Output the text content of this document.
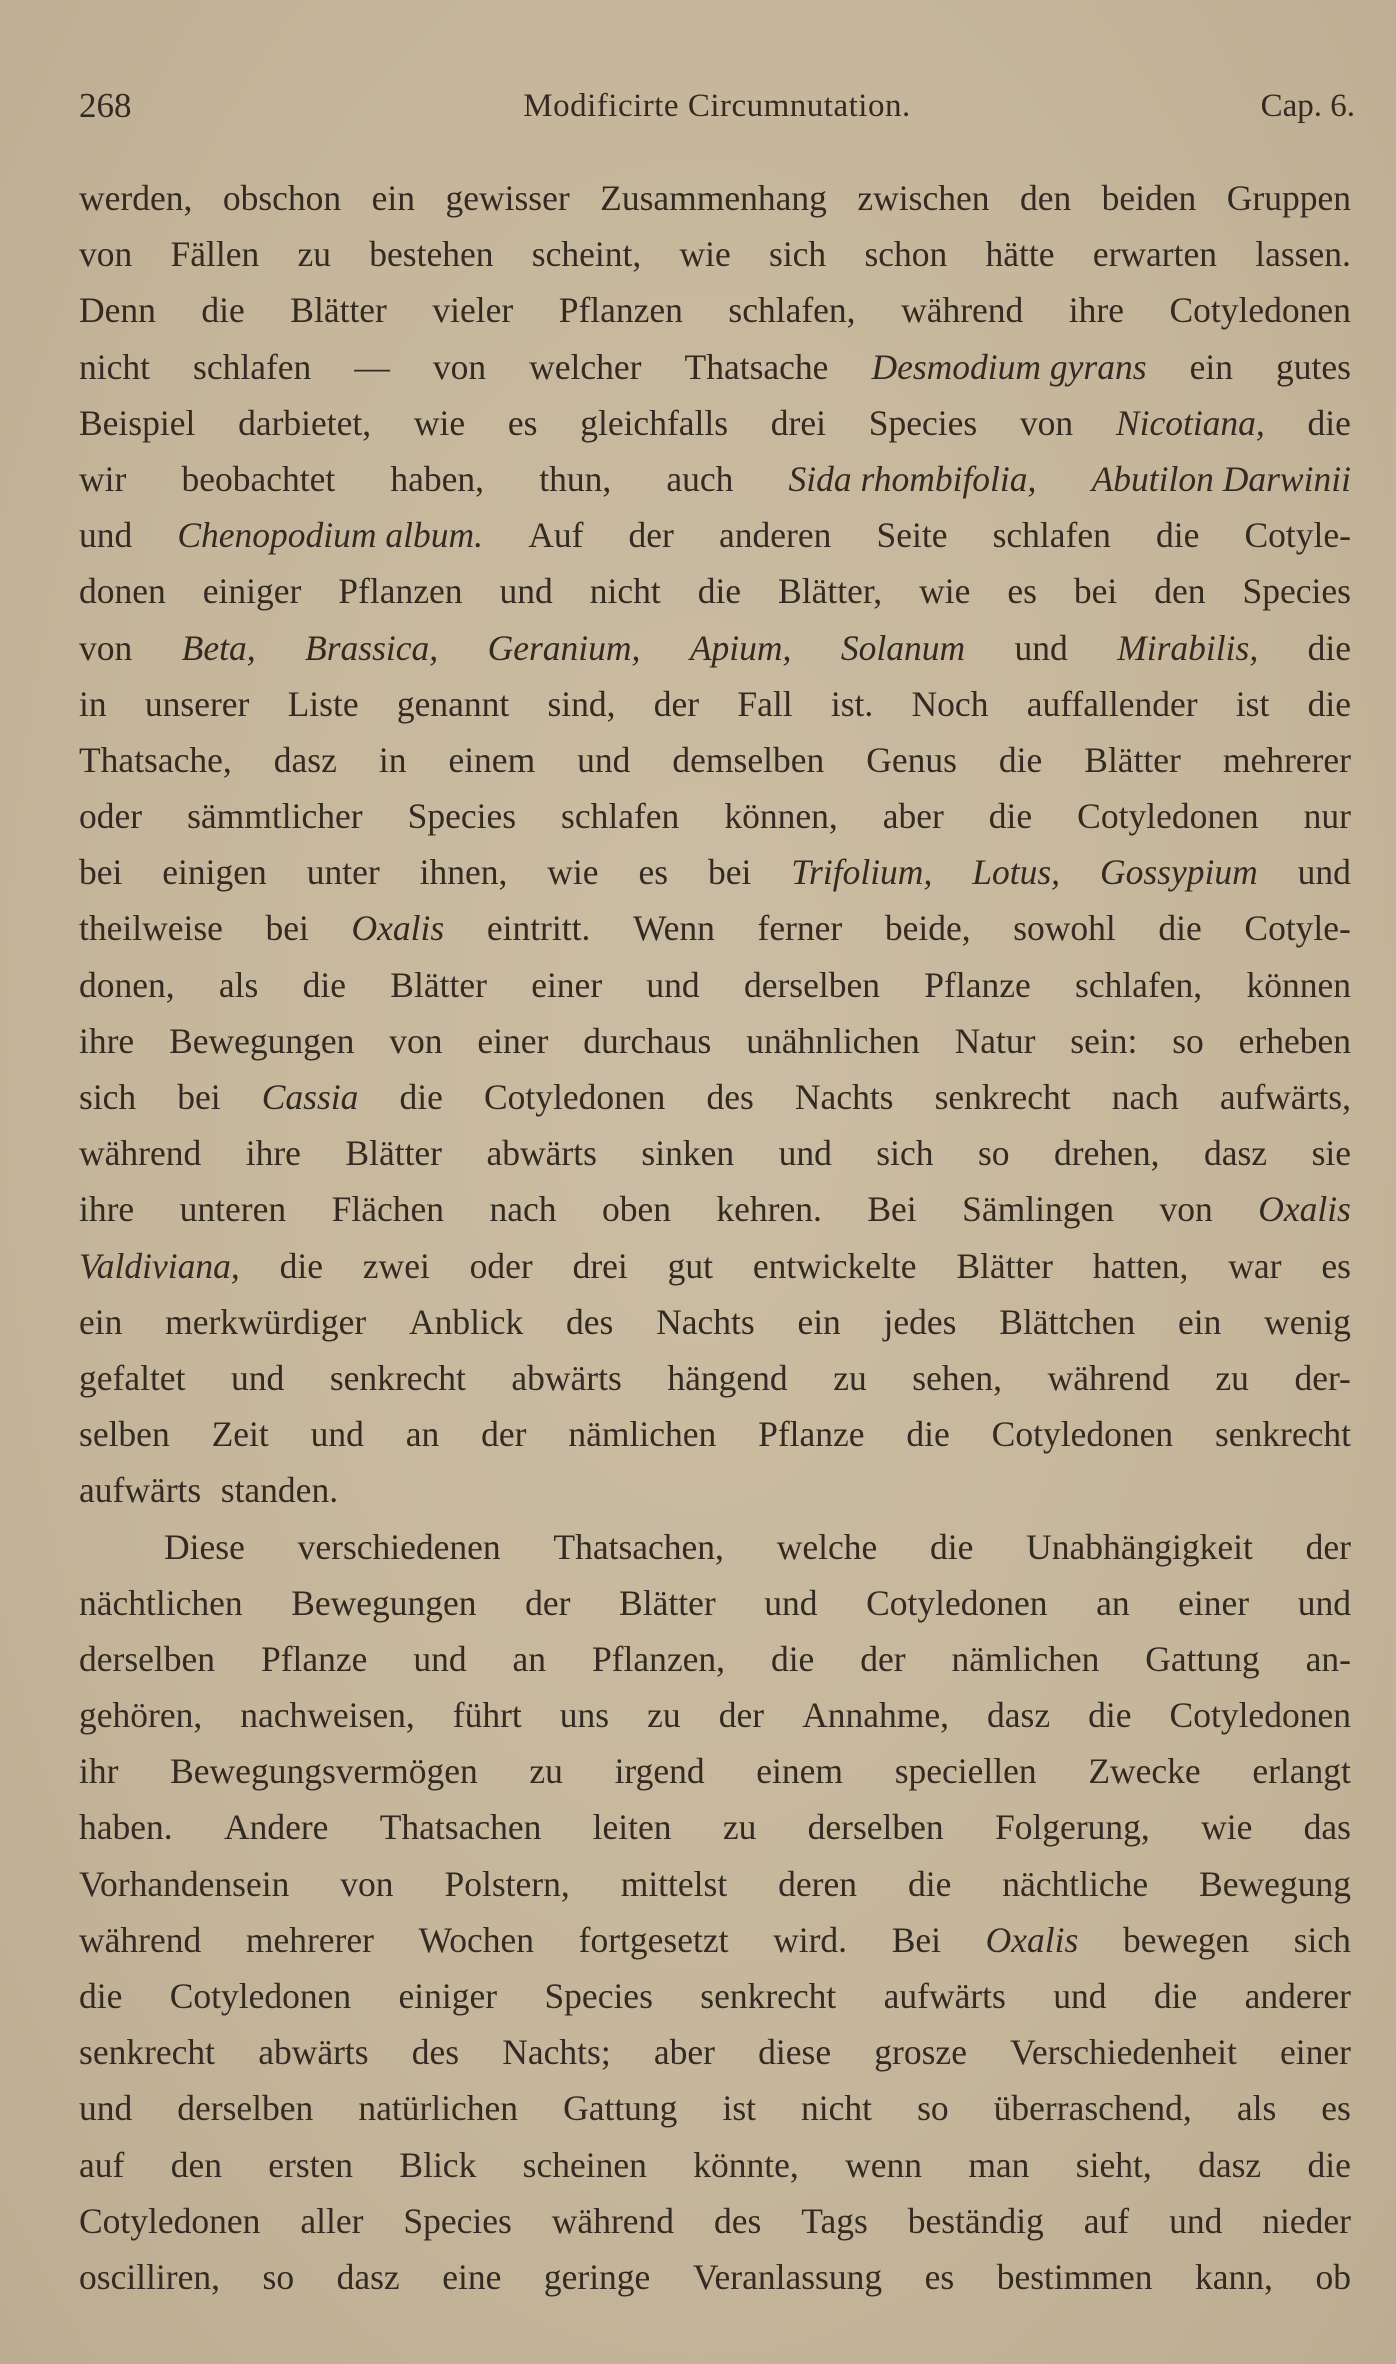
268	Modificirte Circumnutation.	Cap. 6.
werden, obschon ein gewisser Zusammenhang zwischen den beiden Gruppen
von Fällen zu bestehen scheint, wie sich schon hätte erwarten lassen.
Denn die Blätter vieler Pflanzen schlafen, während ihre Cotyledonen
nicht schlafen — von welcher Thatsache Desmodium gyrans ein gutes
Beispiel darbietet, wie es gleichfalls drei Species von Nicotiana, die
wir beobachtet haben, thun, auch Sida rhombifolia, Abutilon Darwinii
und Chenopodium album. Auf der anderen Seite schlafen die Cotyle-
donen einiger Pflanzen und nicht die Blätter, wie es bei den Species
von Beta, Brassica, Geranium, Apium, Solanum und Mirabilis, die
in unserer Liste genannt sind, der Fall ist. Noch auffallender ist die
Thatsache, dasz in einem und demselben Genus die Blätter mehrerer
oder sämmtlicher Species schlafen können, aber die Cotyledonen nur
bei einigen unter ihnen, wie es bei Trifolium, Lotus, Gossypium und
theilweise bei Oxalis eintritt. Wenn ferner beide, sowohl die Cotyle-
donen, als die Blätter einer und derselben Pflanze schlafen, können
ihre Bewegungen von einer durchaus unähnlichen Natur sein: so erheben
sich bei Cassia die Cotyledonen des Nachts senkrecht nach aufwärts,
während ihre Blätter abwärts sinken und sich so drehen, dasz sie
ihre unteren Flächen nach oben kehren. Bei Sämlingen von Oxalis
Valdiviana, die zwei oder drei gut entwickelte Blätter hatten, war es
ein merkwürdiger Anblick des Nachts ein jedes Blättchen ein wenig
gefaltet und senkrecht abwärts hängend zu sehen, während zu der-
selben Zeit und an der nämlichen Pflanze die Cotyledonen senkrecht
aufwärts standen.
Diese verschiedenen Thatsachen, welche die Unabhängigkeit der
nächtlichen Bewegungen der Blätter und Cotyledonen an einer und
derselben Pflanze und an Pflanzen, die der nämlichen Gattung an-
gehören, nachweisen, führt uns zu der Annahme, dasz die Cotyledonen
ihr Bewegungsvermögen zu irgend einem speciellen Zwecke erlangt
haben. Andere Thatsachen leiten zu derselben Folgerung, wie das
Vorhandensein von Polstern, mittelst deren die nächtliche Bewegung
während mehrerer Wochen fortgesetzt wird. Bei Oxalis bewegen sich
die Cotyledonen einiger Species senkrecht aufwärts und die anderer
senkrecht abwärts des Nachts; aber diese grosze Verschiedenheit einer
und derselben natürlichen Gattung ist nicht so überraschend, als es
auf den ersten Blick scheinen könnte, wenn man sieht, dasz die
Cotyledonen aller Species während des Tags beständig auf und nieder
oscilliren, so dasz eine geringe Veranlassung es bestimmen kann, ob
